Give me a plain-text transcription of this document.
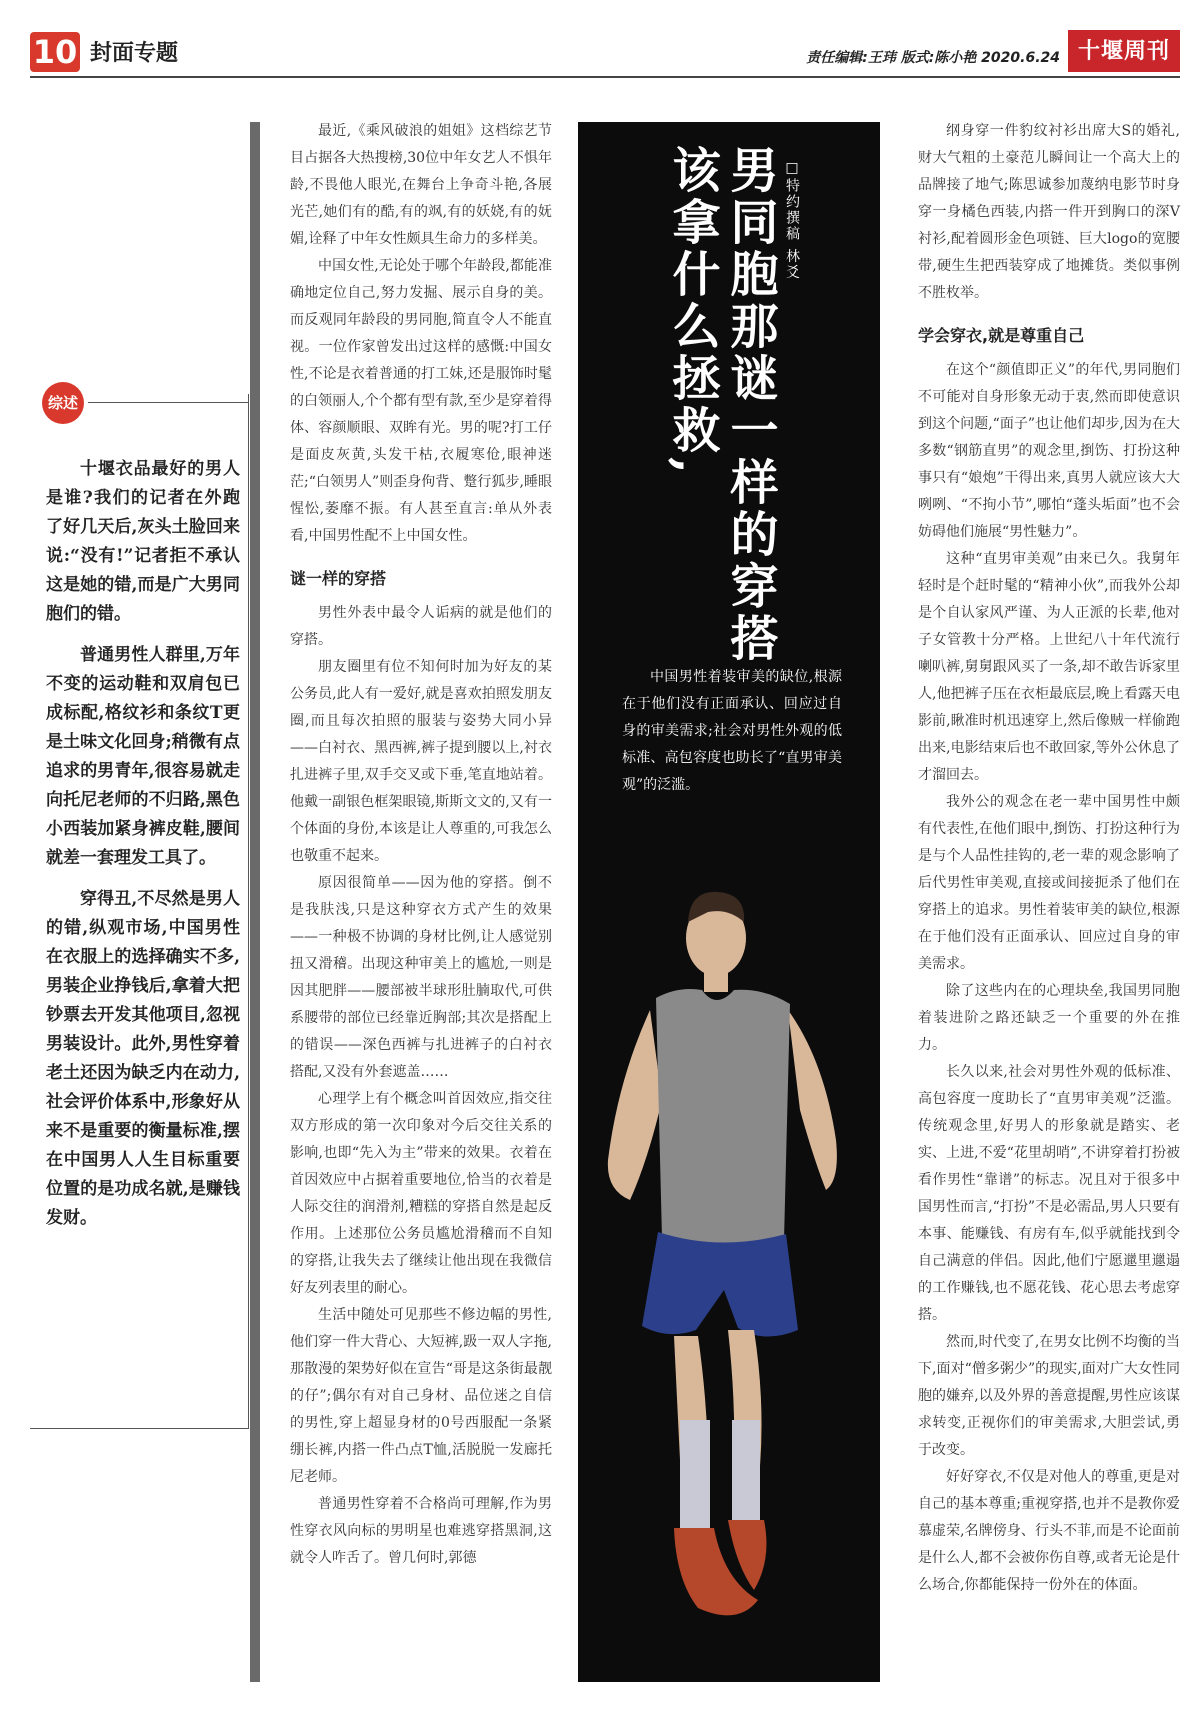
10 封面专题	责任编辑:王玮 版式:陈小艳 2020.6.24 十堰周刊
综述

十堰衣品最好的男人是谁?我们的记者在外跑了好几天后,灰头土脸回来说:“没有!”记者拒不承认这是她的错,而是广大男同胞们的错。

普通男性人群里,万年不变的运动鞋和双肩包已成标配,格纹衫和条纹T更是土味文化回身;稍微有点追求的男青年,很容易就走向托尼老师的不归路,黑色小西装加紧身裤皮鞋,腰间就差一套理发工具了。

穿得丑,不尽然是男人的错,纵观市场,中国男性在衣服上的选择确实不多,男装企业挣钱后,拿着大把钞票去开发其他项目,忽视男装设计。此外,男性穿着老土还因为缺乏内在动力,社会评价体系中,形象好从来不是重要的衡量标准,摆在中国男人人生目标重要位置的是功成名就,是赚钱发财。

最近,《乘风破浪的姐姐》这档综艺节目占据各大热搜榜,30位中年女艺人不惧年龄,不畏他人眼光,在舞台上争奇斗艳,各展光芒,她们有的酷,有的飒,有的妖娆,有的妩媚,诠释了中年女性颇具生命力的多样美。

中国女性,无论处于哪个年龄段,都能准确地定位自己,努力发掘、展示自身的美。而反观同年龄段的男同胞,简直令人不能直视。一位作家曾发出过这样的感慨:中国女性,不论是衣着普通的打工妹,还是服饰时髦的白领丽人,个个都有型有款,至少是穿着得体、容颜顺眼、双眸有光。男的呢?打工仔是面皮灰黄,头发干枯,衣履寒伧,眼神迷茫;“白领男人”则歪身佝背、蹩行狐步,睡眼惺忪,萎靡不振。有人甚至直言:单从外表看,中国男性配不上中国女性。

谜一样的穿搭

男性外表中最令人诟病的就是他们的穿搭。

朋友圈里有位不知何时加为好友的某公务员,此人有一爱好,就是喜欢拍照发朋友圈,而且每次拍照的服装与姿势大同小异——白衬衣、黑西裤,裤子提到腰以上,衬衣扎进裤子里,双手交叉或下垂,笔直地站着。他戴一副银色框架眼镜,斯斯文文的,又有一个体面的身份,本该是让人尊重的,可我怎么也敬重不起来。

原因很简单——因为他的穿搭。倒不是我肤浅,只是这种穿衣方式产生的效果——一种极不协调的身材比例,让人感觉别扭又滑稽。出现这种审美上的尴尬,一则是因其肥胖——腰部被半球形肚腩取代,可供系腰带的部位已经靠近胸部;其次是搭配上的错误——深色西裤与扎进裤子的白衬衣搭配,又没有外套遮盖……

心理学上有个概念叫首因效应,指交往双方形成的第一次印象对今后交往关系的影响,也即“先入为主”带来的效果。衣着在首因效应中占据着重要地位,恰当的衣着是人际交往的润滑剂,糟糕的穿搭自然是起反作用。上述那位公务员尴尬滑稽而不自知的穿搭,让我失去了继续让他出现在我微信好友列表里的耐心。

生活中随处可见那些不修边幅的男性,他们穿一件大背心、大短裤,趿一双人字拖,那散漫的架势好似在宣告“哥是这条街最靓的仔”;偶尔有对自己身材、品位迷之自信的男性,穿上超显身材的0号西服配一条紧绷长裤,内搭一件凸点T恤,活脱脱一发廊托尼老师。

普通男性穿着不合格尚可理解,作为男性穿衣风向标的男明星也难逃穿搭黑洞,这就令人咋舌了。曾几何时,郭德

男同胞那谜一样的穿搭
该拿什么拯救,	□特约撰稿 林爻
中国男性着装审美的缺位,根源在于他们没有正面承认、回应过自身的审美需求;社会对男性外观的低标准、高包容度也助长了“直男审美观”的泛滥。

纲身穿一件豹纹衬衫出席大S的婚礼,财大气粗的土豪范儿瞬间让一个高大上的品牌接了地气;陈思诚参加蔑纳电影节时身穿一身橘色西装,内搭一件开到胸口的深V衬衫,配着圆形金色项链、巨大logo的宽腰带,硬生生把西装穿成了地摊货。类似事例不胜枚举。

学会穿衣,就是尊重自己

在这个“颜值即正义”的年代,男同胞们不可能对自身形象无动于衷,然而即使意识到这个问题,“面子”也让他们却步,因为在大多数“钢筋直男”的观念里,捯饬、打扮这种事只有“娘炮”干得出来,真男人就应该大大咧咧、“不拘小节”,哪怕“蓬头垢面”也不会妨碍他们施展“男性魅力”。

这种“直男审美观”由来已久。我舅年轻时是个赶时髦的“精神小伙”,而我外公却是个自认家风严谨、为人正派的长辈,他对子女管教十分严格。上世纪八十年代流行喇叭裤,舅舅跟风买了一条,却不敢告诉家里人,他把裤子压在衣柜最底层,晚上看露天电影前,瞅准时机迅速穿上,然后像贼一样偷跑出来,电影结束后也不敢回家,等外公休息了才溜回去。

我外公的观念在老一辈中国男性中颇有代表性,在他们眼中,捯饬、打扮这种行为是与个人品性挂钩的,老一辈的观念影响了后代男性审美观,直接或间接扼杀了他们在穿搭上的追求。男性着装审美的缺位,根源在于他们没有正面承认、回应过自身的审美需求。

除了这些内在的心理块垒,我国男同胞着装进阶之路还缺乏一个重要的外在推力。

长久以来,社会对男性外观的低标准、高包容度一度助长了“直男审美观”泛滥。传统观念里,好男人的形象就是踏实、老实、上进,不爱“花里胡哨”,不讲穿着打扮被看作男性“靠谱”的标志。况且对于很多中国男性而言,“打扮”不是必需品,男人只要有本事、能赚钱、有房有车,似乎就能找到令自己满意的伴侣。因此,他们宁愿邋里邋遢的工作赚钱,也不愿花钱、花心思去考虑穿搭。

然而,时代变了,在男女比例不均衡的当下,面对“僧多粥少”的现实,面对广大女性同胞的嫌弃,以及外界的善意提醒,男性应该谋求转变,正视你们的审美需求,大胆尝试,勇于改变。

好好穿衣,不仅是对他人的尊重,更是对自己的基本尊重;重视穿搭,也并不是教你爱慕虚荣,名牌傍身、行头不菲,而是不论面前是什么人,都不会被你伤自尊,或者无论是什么场合,你都能保持一份外在的体面。
